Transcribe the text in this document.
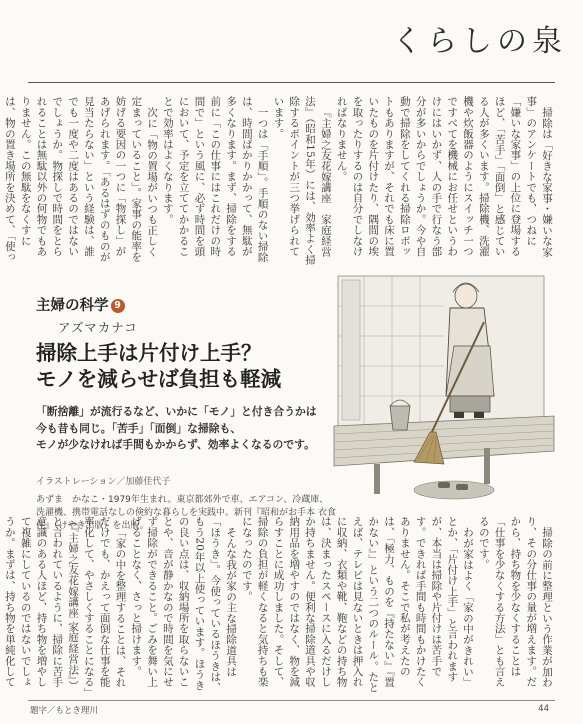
くらしの泉

掃除は「好きな家事・嫌いな家事」のアンケートでも、つねに「嫌いな家事」の上位に登場するほど、「苦手」「面倒」と感じている人が多くいます。掃除機、洗濯機や炊飯器のようにスイッチ一つですべてを機械にお任せというわけにはいかず、人の手で行なう部分が多いからでしょうか。今や自動で掃除をしてくれる掃除ロボットもありますが、それでも床に置いたものを片付けたり、隅間の埃を取ったりするのは自分でしなければなりません。

『主婦之友花嫁講座　家庭経営法』（昭和15年）には、効率よく掃除するポイントが三つ挙げられています。

一つは「手順」。手順のない掃除は、時間ばかりかかって、無駄が多くなります。まず、掃除をする前に「この仕事にはこれだけの時間で」という風に、必ず時間を頭において、予定を立ててかかることで効率はよくなります。

次に「物の置場がいつも正しく定まっていること」。家事の能率を妨げる要因の一つに「物探し」があげられます。「あるはずのものが見当たらない」という経験は、誰でも一度や二度はあるのではないでしょうか。物探しで時間をとられることは無駄以外の何物でもありません。この無駄をなくすには、物の置き場所を決めて、「使っ

主婦の科学 9
アズマカナコ
掃除上手は片付け上手？
モノを減らせば負担も軽減
「断捨離」が流行るなど、いかに「モノ」と付き合うかは
今も昔も同じ。「苦手」「面倒」な掃除も、
モノが少なければ手間もかからず、効率よくなるのです。
イラストレーション／加藤佳代子
あずま　かなこ・1979年生まれ。東京都郊外で車、エアコン、冷蔵庫、洗濯機、携帯電話なしの倹約な暮らしを実践中。新刊『昭和がお手本 衣食住』（けやき出版）を出版。

掃除の前に整理という作業が加わり、その分仕事の量が増えます。だから、持ち物を少なくすることは「仕事を少なくする方法」とも言えるのです。

わが家はよく「家の中がきれい」とか、「片付け上手」と言われますが、本当は掃除や片付けは苦手です。できれば手間も時間もかけたくありません。そこで私が考えたのは、「極力、ものを『持たない』『置かない』」という二つのルール。たとえば、テレビは見ないときは押入れに収納、衣類や靴、鞄などの持ち物は、決まったスペースに入るだけしか持ちません。便利な掃除道具や収納用品を増やすのではなく、物を減らすことに成功しました。そして、掃除の負担が軽くなると気持ちも楽になったのです。

そんな我が家の主な掃除道具は「ほうき」。今使っているほうきは、もう20年以上使っています。ほうきの良い点は、収納場所を取らないことや、音が静かなので時間を気にせず掃除ができること。ごみを舞い上げることなく、さっと掃けます。

「家の中を整理することは、それだけでも、かえって面倒な仕事を能率化して、やさしくすることになる」（『主婦之友花嫁講座 家庭経営法』）と言われているように、掃除に苦手意識のある人ほど、持ち物を増やして複雑にしているのではないでしょうか。まずは、持ち物を単純化して

題字／もとき理川	44
